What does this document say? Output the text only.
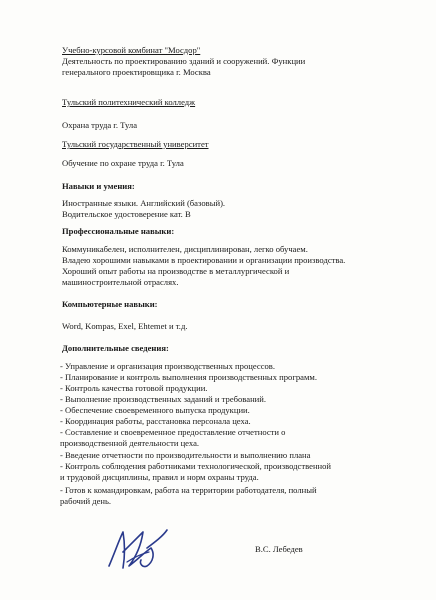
Учебно-курсовой комбинат "Мосдор"
Деятельность по проектированию зданий и сооружений. Функции
генерального проектировщика г. Москва
Тульский политехнический колледж
Охрана труда г. Тула
Тульский государственный университет
Обучение по охране труда г. Тула
Навыки и умения:
Иностранные языки. Английский (базовый).
Водительское удостоверение кат. В
Профессиональные навыки:
Коммуникабелен, исполнителен, дисциплинирован, легко обучаем.
Владею хорошими навыками в проектировании и организации производства.
Хороший опыт работы на производстве в металлургической и
машиностроительной отраслях.
Компьютерные навыки:
Word, Kompas, Exel, Ehtemet и т.д.
Дополнительные сведения:
- Управление и организация производственных процессов.
- Планирование и контроль выполнения производственных программ.
- Контроль качества готовой продукции.
- Выполнение производственных заданий и требований.
- Обеспечение своевременного выпуска продукции.
- Координация работы, расстановка персонала цеха.
- Составление и своевременное предоставление отчетности о
производственной деятельности цеха.
- Введение отчетности по производительности и выполнению плана
- Контроль соблюдения работниками технологической, производственной
и трудовой дисциплины, правил и норм охраны труда.
- Готов к командировкам, работа на территории работодателя, полный
рабочий день.
В.С. Лебедев
